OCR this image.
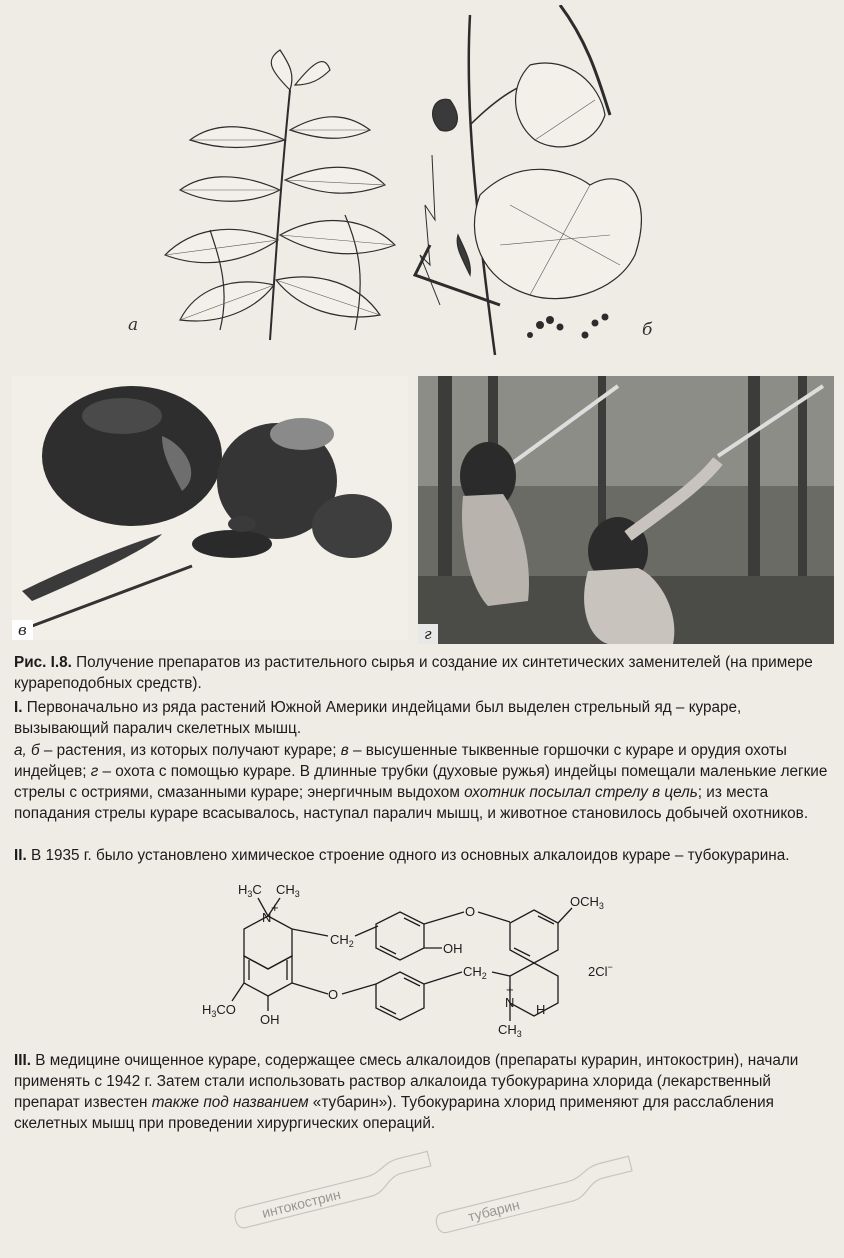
а	б
в	г

Рис. I.8. Получение препаратов из растительного сырья и создание их синтетических заменителей (на примере курареподобных средств).

I. Первоначально из ряда растений Южной Америки индейцами был выделен стрельный яд – кураре, вызывающий паралич скелетных мышц.

а, б – растения, из которых получают кураре; в – высушенные тыквенные горшочки с кураре и орудия охоты индейцев; г – охота с помощью кураре. В длинные трубки (духовые ружья) индейцы помещали маленькие легкие стрелы с остриями, смазанными кураре; энергичным выдохом охотник посылал стрелу в цель; из места попадания стрелы кураре всасывалось, наступал паралич мышц, и животное становилось добычей охотников.

II. В 1935 г. было установлено химическое строение одного из основных алкалоидов кураре – тубокурарина.

$H_3C$ $CH_3$
N
+
$CH_2$	OH
O
$OCH_3$
2Cl−
O
$CH_2$
N
+
H
$CH_3$
$H_3CO$
OH

III. В медицине очищенное кураре, содержащее смесь алкалоидов (препараты курарин, интокострин), начали применять с 1942 г. Затем стали использовать раствор алкалоида тубокурарина хлорида (лекарственный препарат известен также под названием «тубарин»). Тубокурарина хлорид применяют для расслабления скелетных мышц при проведении хирургических операций.

интокострин	тубарин
